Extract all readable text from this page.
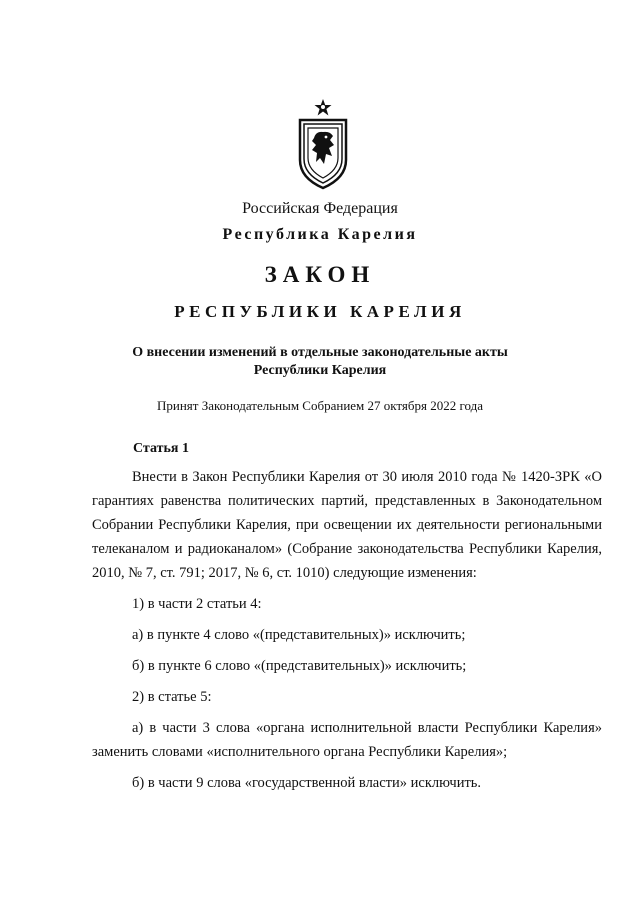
Российская Федерация
Республика Карелия
ЗАКОН
РЕСПУБЛИКИ КАРЕЛИЯ
О внесении изменений в отдельные законодательные акты
Республики Карелия
Принят Законодательным Собранием 27 октября 2022 года
Статья 1

Внести в Закон Республики Карелия от 30 июля 2010 года № 1420-ЗРК «О гарантиях равенства политических партий, представленных в Законодательном Собрании Республики Карелия, при освещении их деятельности региональными телеканалом и радиоканалом» (Собрание законодательства Республики Карелия, 2010, № 7, ст. 791; 2017, № 6, ст. 1010) следующие изменения:

1) в части 2 статьи 4:

а) в пункте 4 слово «(представительных)» исключить;

б) в пункте 6 слово «(представительных)» исключить;

2) в статье 5:

а) в части 3 слова «органа исполнительной власти Республики Карелия» заменить словами «исполнительного органа Республики Карелия»;

б) в части 9 слова «государственной власти» исключить.
